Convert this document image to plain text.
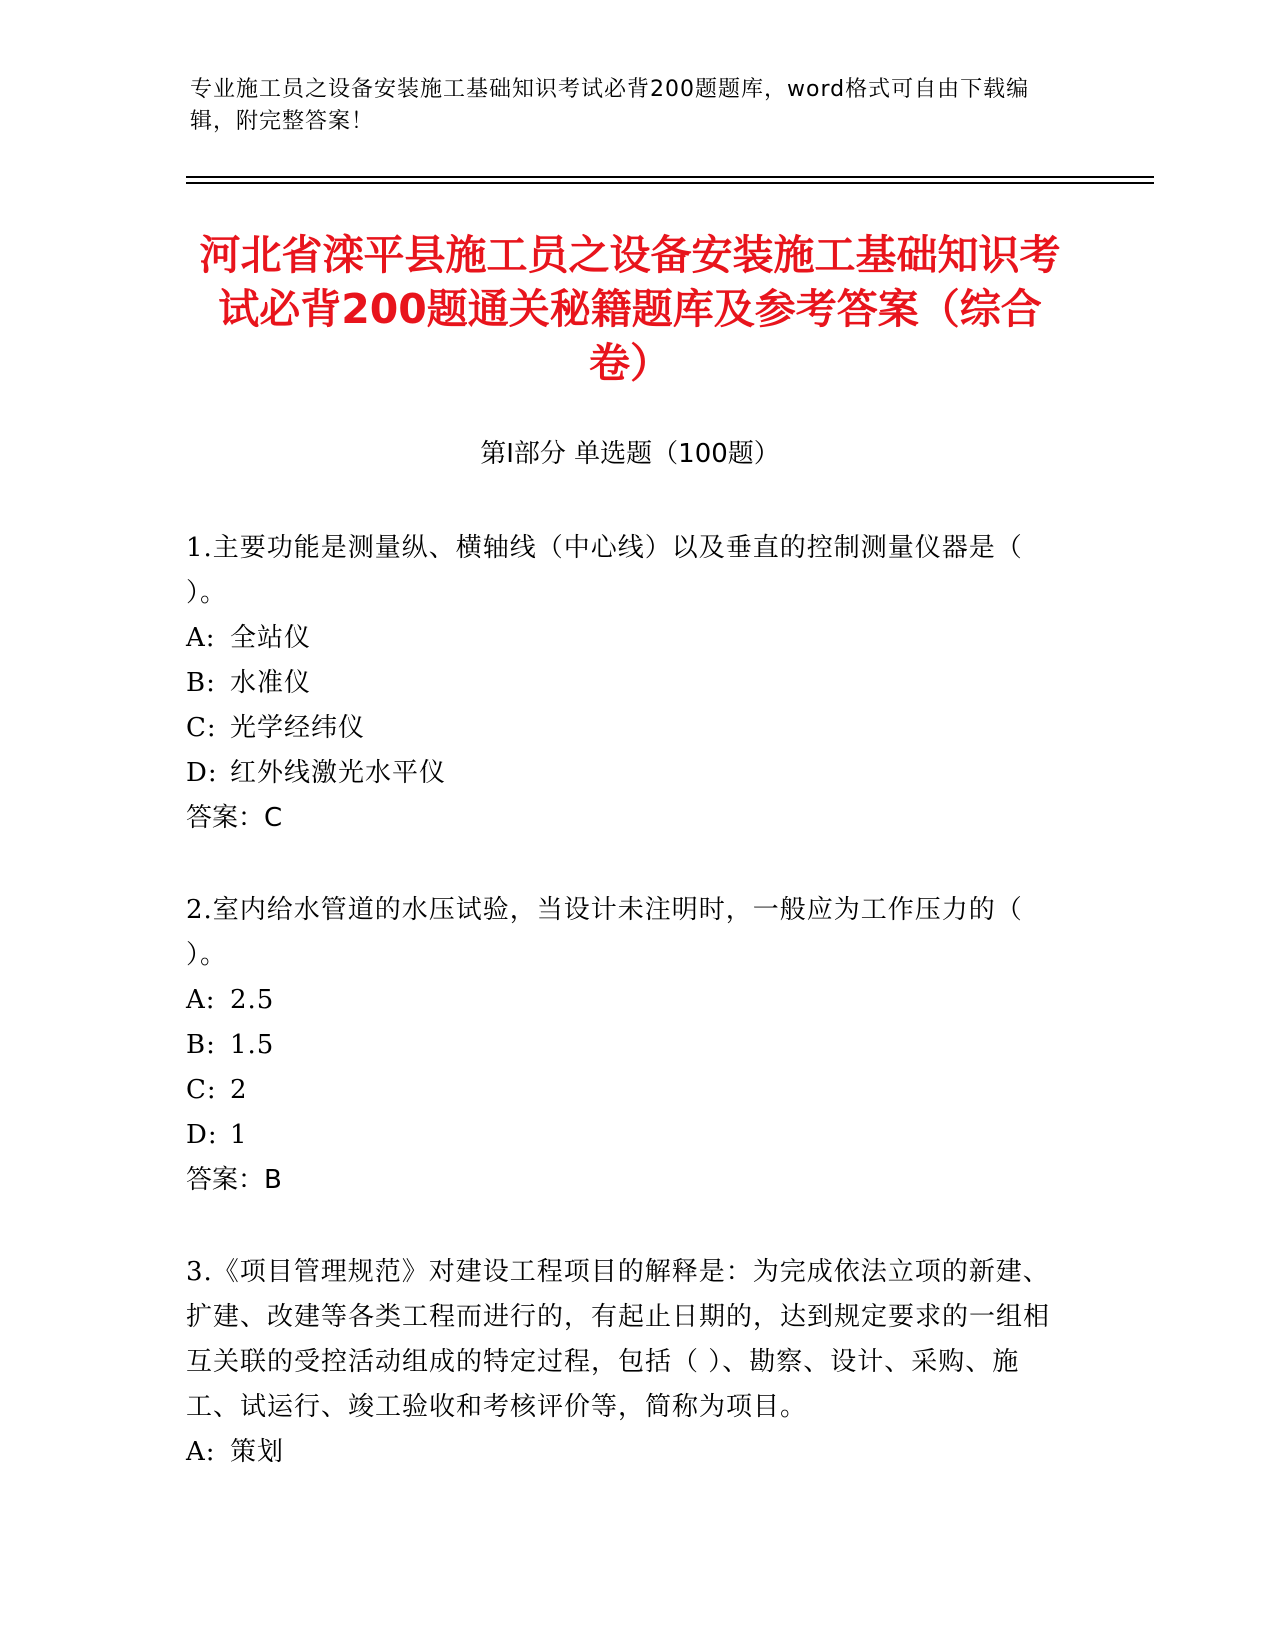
专业施工员之设备安装施工基础知识考试必背200题题库，word格式可自由下载编辑，附完整答案！
河北省滦平县施工员之设备安装施工基础知识考试必背200题通关秘籍题库及参考答案（综合卷）
第Ⅰ部分 单选题（100题）
1.主要功能是测量纵、横轴线（中心线）以及垂直的控制测量仪器是（ ）。
A: 全站仪
B: 水准仪
C: 光学经纬仪
D: 红外线激光水平仪
答案：C
2.室内给水管道的水压试验，当设计未注明时，一般应为工作压力的（ ）。
A: 2.5
B: 1.5
C: 2
D: 1
答案：B
3.《项目管理规范》对建设工程项目的解释是：为完成依法立项的新建、扩建、改建等各类工程而进行的，有起止日期的，达到规定要求的一组相互关联的受控活动组成的特定过程，包括（ ）、勘察、设计、采购、施工、试运行、竣工验收和考核评价等，简称为项目。
A: 策划
